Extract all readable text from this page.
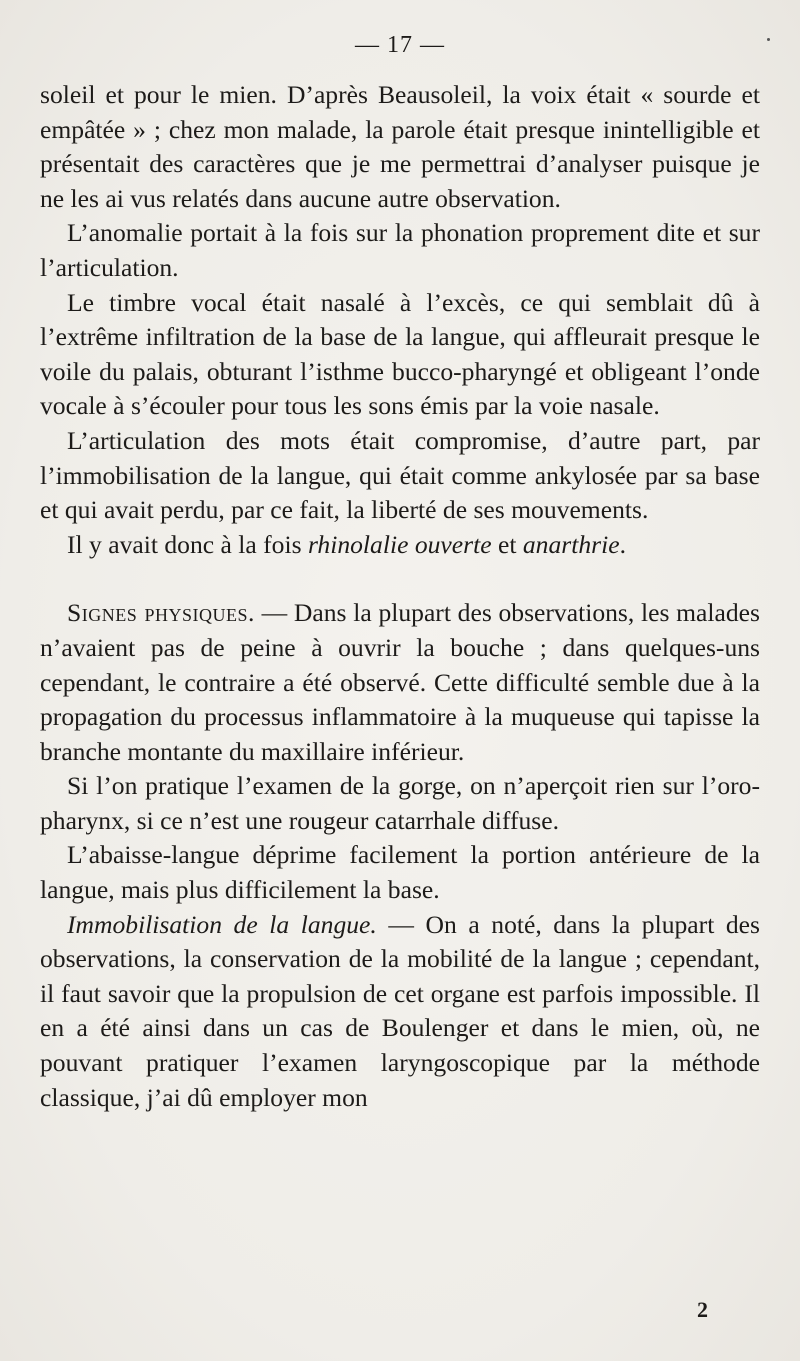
— 17 —

soleil et pour le mien. D’après Beausoleil, la voix était « sourde et empâtée » ; chez mon malade, la parole était presque inintelligible et présentait des caractères que je me permettrai d’analyser puisque je ne les ai vus relatés dans aucune autre observation.

L’anomalie portait à la fois sur la phonation proprement dite et sur l’articulation.

Le timbre vocal était nasalé à l’excès, ce qui semblait dû à l’extrême infiltration de la base de la langue, qui affleurait presque le voile du palais, obturant l’isthme bucco-pharyngé et obligeant l’onde vocale à s’écouler pour tous les sons émis par la voie nasale.

L’articulation des mots était compromise, d’autre part, par l’immobilisation de la langue, qui était comme ankylosée par sa base et qui avait perdu, par ce fait, la liberté de ses mouvements.

Il y avait donc à la fois rhinolalie ouverte et anarthrie.

Signes physiques. — Dans la plupart des observations, les malades n’avaient pas de peine à ouvrir la bouche ; dans quelques-uns cependant, le contraire a été observé. Cette difficulté semble due à la propagation du processus inflammatoire à la muqueuse qui tapisse la branche montante du maxillaire inférieur.

Si l’on pratique l’examen de la gorge, on n’aperçoit rien sur l’oro-pharynx, si ce n’est une rougeur catarrhale diffuse.

L’abaisse-langue déprime facilement la portion antérieure de la langue, mais plus difficilement la base.

Immobilisation de la langue. — On a noté, dans la plupart des observations, la conservation de la mobilité de la langue ; cependant, il faut savoir que la propulsion de cet organe est parfois impossible. Il en a été ainsi dans un cas de Boulenger et dans le mien, où, ne pouvant pratiquer l’examen laryngoscopique par la méthode classique, j’ai dû employer mon

2
